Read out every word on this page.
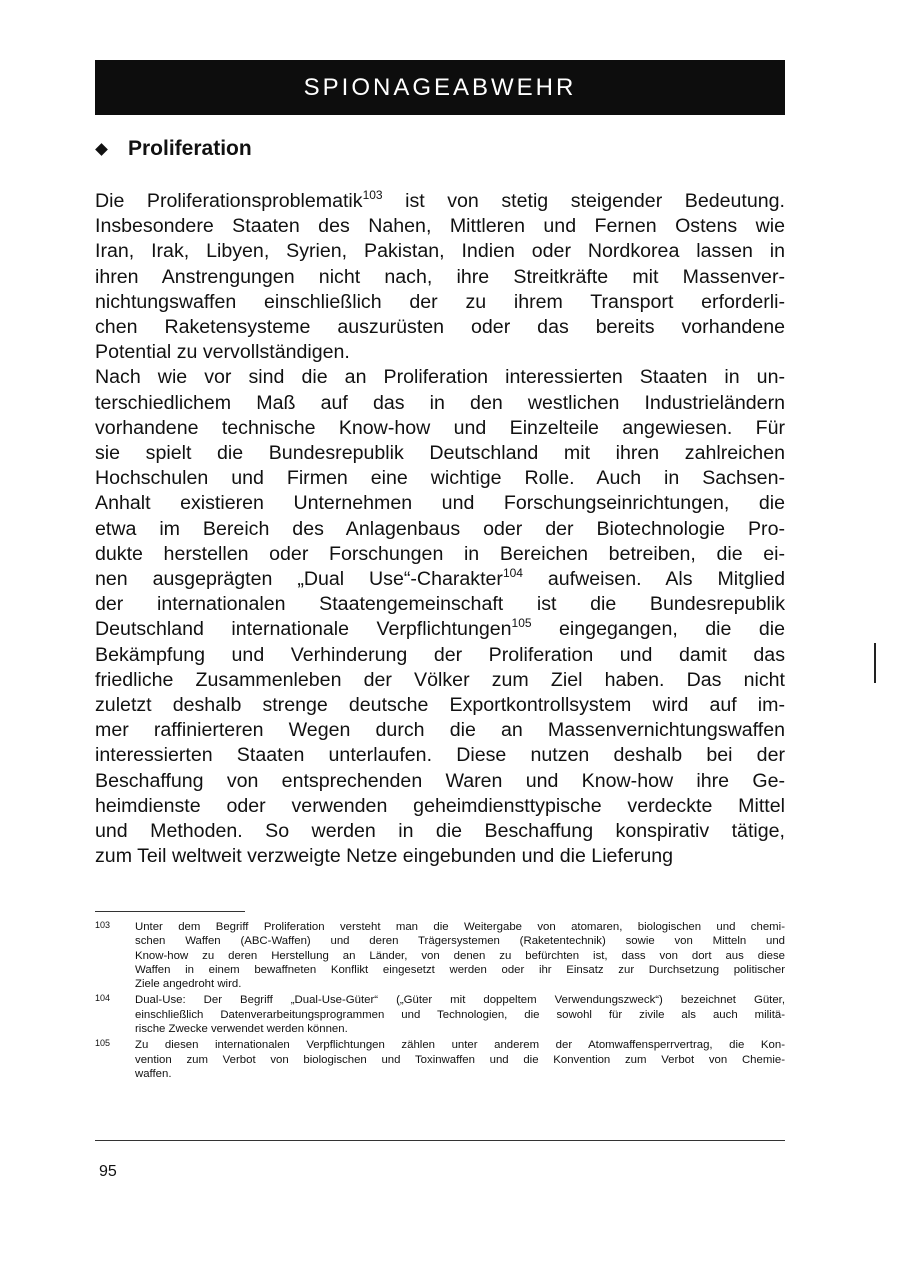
SPIONAGEABWEHR
Proliferation

Die Proliferationsproblematik$^{103}$ ist von stetig steigender Bedeutung.
Insbesondere Staaten des Nahen, Mittleren und Fernen Ostens wie
Iran, Irak, Libyen, Syrien, Pakistan, Indien oder Nordkorea lassen in
ihren Anstrengungen nicht nach, ihre Streitkräfte mit Massenver-
nichtungswaffen einschließlich der zu ihrem Transport erforderli-
chen Raketensysteme auszurüsten oder das bereits vorhandene
Potential zu vervollständigen.

Nach wie vor sind die an Proliferation interessierten Staaten in un-
terschiedlichem Maß auf das in den westlichen Industrieländern
vorhandene technische Know-how und Einzelteile angewiesen. Für
sie spielt die Bundesrepublik Deutschland mit ihren zahlreichen
Hochschulen und Firmen eine wichtige Rolle. Auch in Sachsen-
Anhalt existieren Unternehmen und Forschungseinrichtungen, die
etwa im Bereich des Anlagenbaus oder der Biotechnologie Pro-
dukte herstellen oder Forschungen in Bereichen betreiben, die ei-
nen ausgeprägten „Dual Use“-Charakter$^{104}$ aufweisen. Als Mitglied
der internationalen Staatengemeinschaft ist die Bundesrepublik
Deutschland internationale Verpflichtungen$^{105}$ eingegangen, die die
Bekämpfung und Verhinderung der Proliferation und damit das
friedliche Zusammenleben der Völker zum Ziel haben. Das nicht
zuletzt deshalb strenge deutsche Exportkontrollsystem wird auf im-
mer raffinierteren Wegen durch die an Massenvernichtungswaffen
interessierten Staaten unterlaufen. Diese nutzen deshalb bei der
Beschaffung von entsprechenden Waren und Know-how ihre Ge-
heimdienste oder verwenden geheimdiensttypische verdeckte Mittel
und Methoden. So werden in die Beschaffung konspirativ tätige,
zum Teil weltweit verzweigte Netze eingebunden und die Lieferung

103 Unter dem Begriff Proliferation versteht man die Weitergabe von atomaren, biologischen und chemi-
schen Waffen (ABC-Waffen) und deren Trägersystemen (Raketentechnik) sowie von Mitteln und
Know-how zu deren Herstellung an Länder, von denen zu befürchten ist, dass von dort aus diese
Waffen in einem bewaffneten Konflikt eingesetzt werden oder ihr Einsatz zur Durchsetzung politischer
Ziele angedroht wird.
104 Dual-Use: Der Begriff „Dual-Use-Güter“ („Güter mit doppeltem Verwendungszweck“) bezeichnet Güter,
einschließlich Datenverarbeitungsprogrammen und Technologien, die sowohl für zivile als auch militä-
rische Zwecke verwendet werden können.
105 Zu diesen internationalen Verpflichtungen zählen unter anderem der Atomwaffensperrvertrag, die Kon-
vention zum Verbot von biologischen und Toxinwaffen und die Konvention zum Verbot von Chemie-
waffen.
95
